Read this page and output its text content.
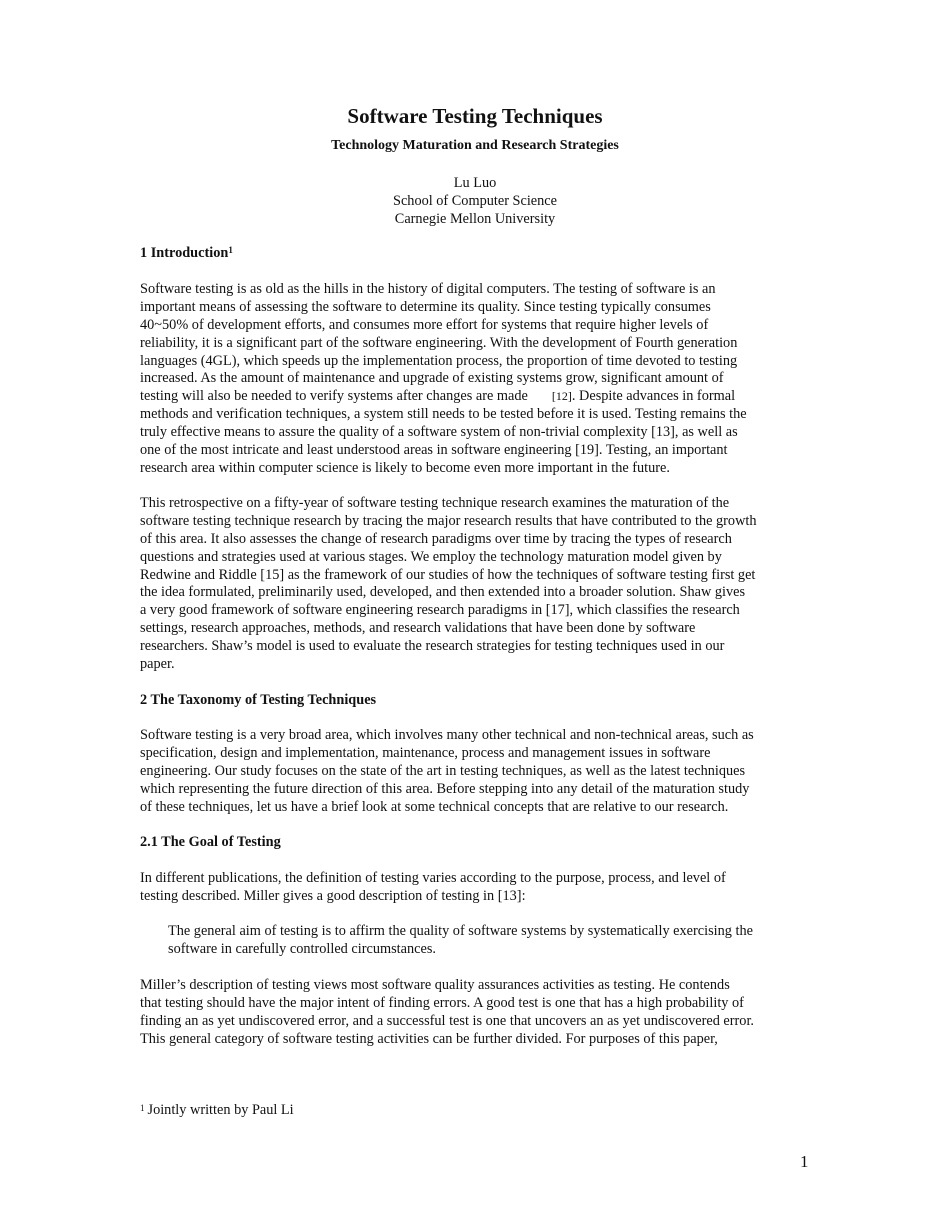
Software Testing Techniques
Technology Maturation and Research Strategies
Lu Luo
School of Computer Science
Carnegie Mellon University
1 Introduction$^1$
Software testing is as old as the hills in the history of digital computers. The testing of software is an
important means of assessing the software to determine its quality. Since testing typically consumes
40~50% of development efforts, and consumes more effort for systems that require higher levels of
reliability, it is a significant part of the software engineering. With the development of Fourth generation
languages (4GL), which speeds up the implementation process, the proportion of time devoted to testing
increased. As the amount of maintenance and upgrade of existing systems grow, significant amount of
testing will also be needed to verify systems after changes are made [12]. Despite advances in formal
methods and verification techniques, a system still needs to be tested before it is used. Testing remains the
truly effective means to assure the quality of a software system of non-trivial complexity [13], as well as
one of the most intricate and least understood areas in software engineering [19]. Testing, an important
research area within computer science is likely to become even more important in the future.
This retrospective on a fifty-year of software testing technique research examines the maturation of the
software testing technique research by tracing the major research results that have contributed to the growth
of this area. It also assesses the change of research paradigms over time by tracing the types of research
questions and strategies used at various stages. We employ the technology maturation model given by
Redwine and Riddle [15] as the framework of our studies of how the techniques of software testing first get
the idea formulated, preliminarily used, developed, and then extended into a broader solution. Shaw gives
a very good framework of software engineering research paradigms in [17], which classifies the research
settings, research approaches, methods, and research validations that have been done by software
researchers. Shaw’s model is used to evaluate the research strategies for testing techniques used in our
paper.
2 The Taxonomy of Testing Techniques
Software testing is a very broad area, which involves many other technical and non-technical areas, such as
specification, design and implementation, maintenance, process and management issues in software
engineering. Our study focuses on the state of the art in testing techniques, as well as the latest techniques
which representing the future direction of this area. Before stepping into any detail of the maturation study
of these techniques, let us have a brief look at some technical concepts that are relative to our research.
2.1 The Goal of Testing
In different publications, the definition of testing varies according to the purpose, process, and level of
testing described. Miller gives a good description of testing in [13]:
The general aim of testing is to affirm the quality of software systems by systematically exercising the
software in carefully controlled circumstances.
Miller’s description of testing views most software quality assurances activities as testing. He contends
that testing should have the major intent of finding errors. A good test is one that has a high probability of
finding an as yet undiscovered error, and a successful test is one that uncovers an as yet undiscovered error.
This general category of software testing activities can be further divided. For purposes of this paper,
$^1$ Jointly written by Paul Li
1
